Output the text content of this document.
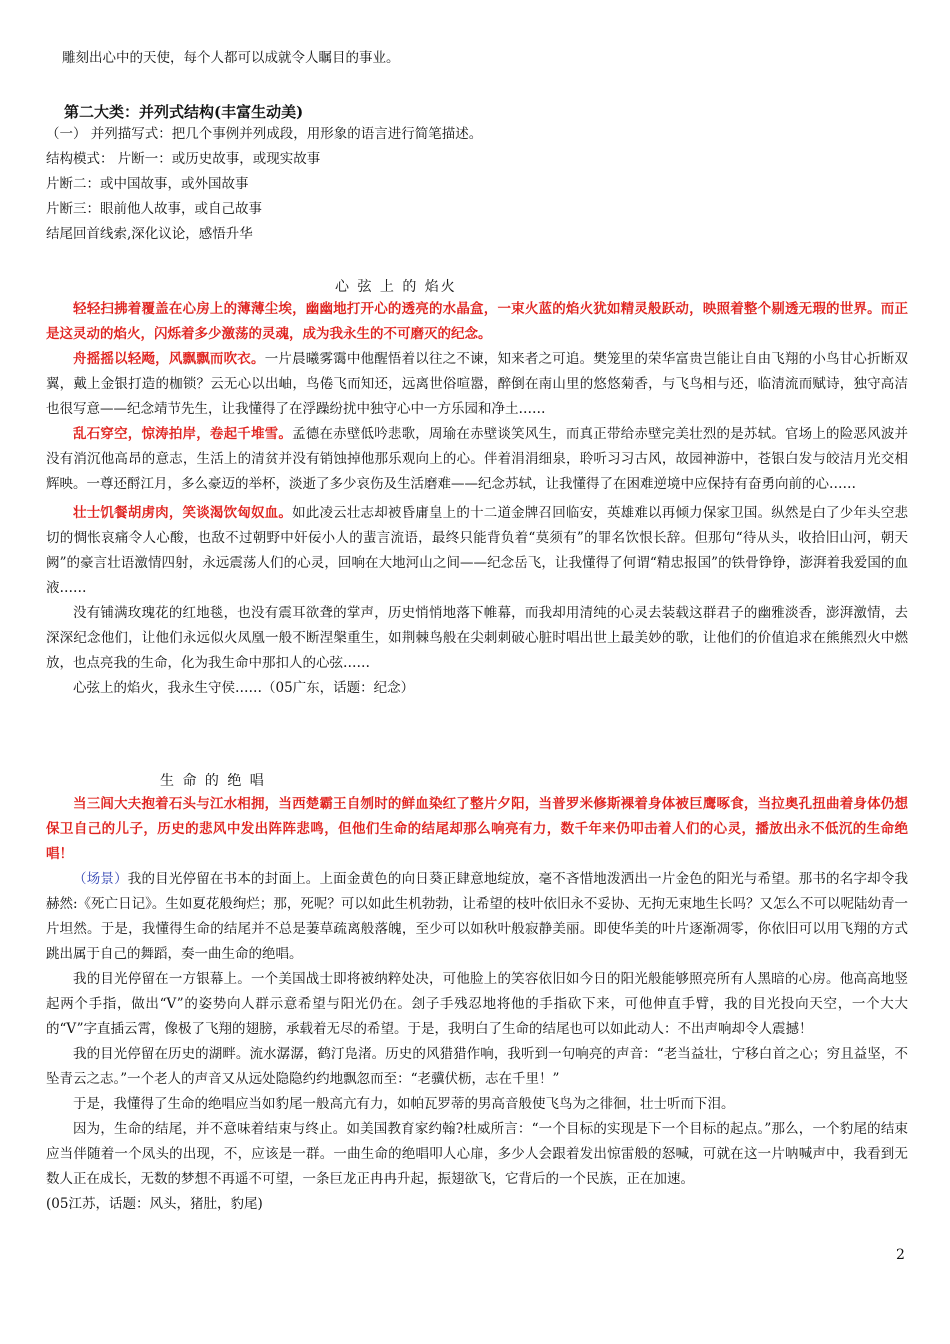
雕刻出心中的天使，每个人都可以成就令人瞩目的事业。
第二大类：并列式结构(丰富生动美)

（一） 并列描写式：把几个事例并列成段，用形象的语言进行简笔描述。

结构模式： 片断一：或历史故事，或现实故事

片断二：或中国故事，或外国故事

片断三：眼前他人故事，或自己故事

结尾回首线索,深化议论，感悟升华

心 弦 上 的 焰火

轻轻扫拂着覆盖在心房上的薄薄尘埃，幽幽地打开心的透亮的水晶盒，一束火蓝的焰火犹如精灵般跃动，映照着整个剔透无瑕的世界。而正是这灵动的焰火，闪烁着多少激荡的灵魂，成为我永生的不可磨灭的纪念。

舟摇摇以轻飏，风飘飘而吹衣。一片晨曦雾霭中他醒悟着以往之不谏，知来者之可追。樊笼里的荣华富贵岂能让自由飞翔的小鸟甘心折断双翼，戴上金银打造的枷锁？云无心以出岫，鸟倦飞而知还，远离世俗喧嚣，醉倒在南山里的悠悠菊香，与飞鸟相与还，临清流而赋诗，独守高洁也很写意——纪念靖节先生，让我懂得了在浮躁纷扰中独守心中一方乐园和净土……

乱石穿空，惊涛拍岸，卷起千堆雪。孟德在赤壁低吟悲歌，周瑜在赤壁谈笑风生，而真正带给赤壁完美壮烈的是苏轼。官场上的险恶风波并没有消沉他高昂的意志，生活上的清贫并没有销蚀掉他那乐观向上的心。伴着涓涓细泉，聆听习习古风，故园神游中，苍银白发与皎洁月光交相辉映。一尊还酹江月，多么豪迈的举杯，淡逝了多少哀伤及生活磨难——纪念苏轼，让我懂得了在困难逆境中应保持有奋勇向前的心……

壮士饥餐胡虏肉，笑谈渴饮匈奴血。如此凌云壮志却被昏庸皇上的十二道金牌召回临安，英雄难以再倾力保家卫国。纵然是白了少年头空悲切的惆怅哀痛令人心酸，也敌不过朝野中奸佞小人的蜚言流语，最终只能背负着“莫须有”的罪名饮恨长辞。但那句“待从头，收拾旧山河，朝天阙”的豪言壮语激情四射，永远震荡人们的心灵，回响在大地河山之间——纪念岳飞，让我懂得了何谓“精忠报国”的铁骨铮铮，澎湃着我爱国的血液……

没有铺满玫瑰花的红地毯，也没有震耳欲聋的掌声，历史悄悄地落下帷幕，而我却用清纯的心灵去装载这群君子的幽雅淡香，澎湃激情，去深深纪念他们，让他们永远似火凤凰一般不断涅槃重生，如荆棘鸟般在尖刺刺破心脏时唱出世上最美妙的歌，让他们的价值追求在熊熊烈火中燃放，也点亮我的生命，化为我生命中那扣人的心弦……

心弦上的焰火，我永生守侯……（05广东，话题：纪念）

生 命 的 绝 唱

当三闾大夫抱着石头与江水相拥，当西楚霸王自刎时的鲜血染红了整片夕阳，当普罗米修斯裸着身体被巨鹰啄食，当拉奥孔扭曲着身体仍想保卫自己的儿子，历史的悲风中发出阵阵悲鸣，但他们生命的结尾却那么响亮有力，数千年来仍叩击着人们的心灵，播放出永不低沉的生命绝唱！

（场景）我的目光停留在书本的封面上。上面金黄色的向日葵正肆意地绽放，毫不吝惜地泼洒出一片金色的阳光与希望。那书的名字却令我赫然:《死亡日记》。生如夏花般绚烂；那，死呢？可以如此生机勃勃，让希望的枝叶依旧永不妥协、无拘无束地生长吗？又怎么不可以呢陆幼青一片坦然。于是，我懂得生命的结尾并不总是萋草疏离般落魄，至少可以如秋叶般寂静美丽。即使华美的叶片逐渐凋零，你依旧可以用飞翔的方式跳出属于自己的舞蹈，奏一曲生命的绝唱。

我的目光停留在一方银幕上。一个美国战士即将被纳粹处决，可他脸上的笑容依旧如今日的阳光般能够照亮所有人黑暗的心房。他高高地竖起两个手指，做出“V”的姿势向人群示意希望与阳光仍在。刽子手残忍地将他的手指砍下来，可他伸直手臂，我的目光投向天空，一个大大的“V”字直插云霄，像极了飞翔的翅膀，承载着无尽的希望。于是，我明白了生命的结尾也可以如此动人：不出声响却令人震撼！

我的目光停留在历史的湖畔。流水潺潺，鹤汀凫渚。历史的风猎猎作响，我听到一句响亮的声音：“老当益壮，宁移白首之心；穷且益坚，不坠青云之志。”一个老人的声音又从远处隐隐约约地飘忽而至：“老骥伏枥，志在千里！”

于是，我懂得了生命的绝唱应当如豹尾一般高亢有力，如帕瓦罗蒂的男高音般使飞鸟为之徘徊，壮士听而下泪。

因为，生命的结尾，并不意味着结束与终止。如美国教育家约翰?杜威所言：“一个目标的实现是下一个目标的起点。”那么，一个豹尾的结束应当伴随着一个凤头的出现，不，应该是一群。一曲生命的绝唱叩人心扉，多少人会跟着发出惊雷般的怒喊，可就在这一片呐喊声中，我看到无数人正在成长，无数的梦想不再遥不可望，一条巨龙正冉冉升起，振翅欲飞，它背后的一个民族，正在加速。

(05江苏，话题：风头，猪肚，豹尾)

2
